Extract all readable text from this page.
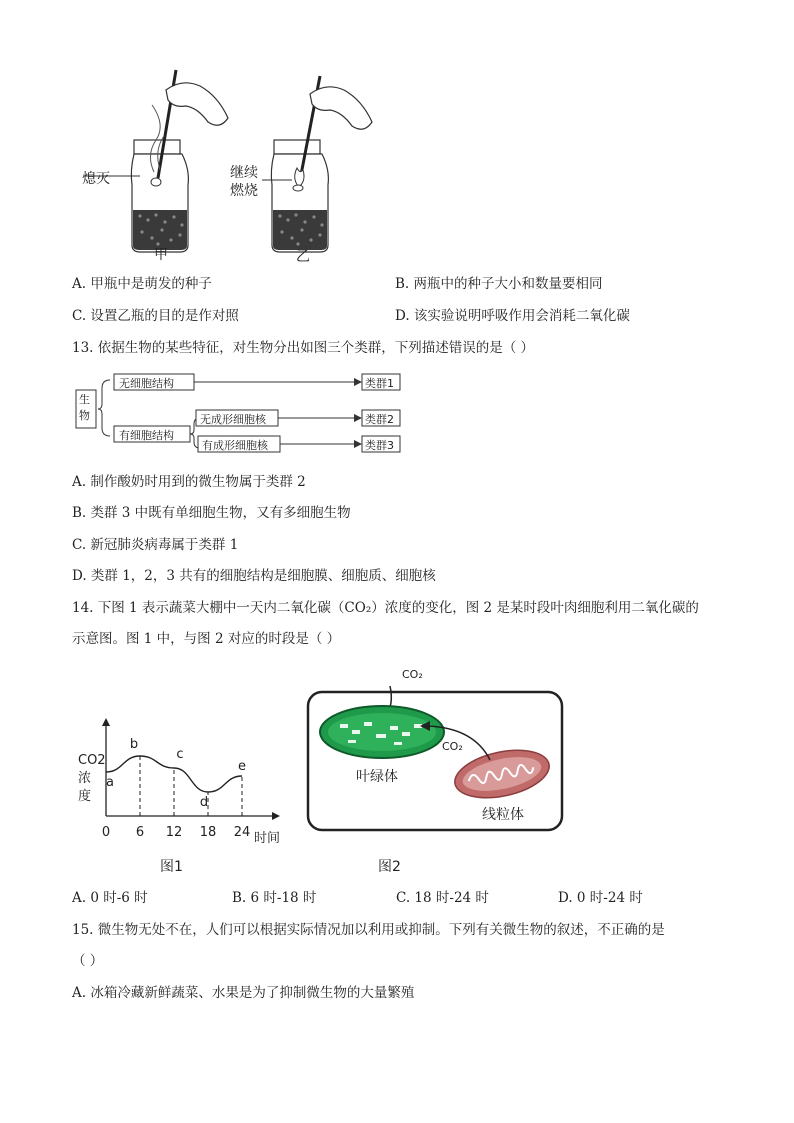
熄灭	继续
燃烧
甲	乙
A. 甲瓶中是萌发的种子	B. 两瓶中的种子大小和数量要相同
C. 设置乙瓶的目的是作对照	D. 该实验说明呼吸作用会消耗二氧化碳
13. 依据生物的某些特征，对生物分出如图三个类群，下列描述错误的是（ ）
生物
无细胞结构
有细胞结构
无成形细胞核
有成形细胞核
类群1
类群2
类群3
A. 制作酸奶时用到的微生物属于类群 2
B. 类群 3 中既有单细胞生物，又有多细胞生物
C. 新冠肺炎病毒属于类群 1
D. 类群 1，2，3 共有的细胞结构是细胞膜、细胞质、细胞核
14. 下图 1 表示蔬菜大棚中一天内二氧化碳（CO₂）浓度的变化，图 2 是某时段叶肉细胞利用二氧化碳的
示意图。图 1 中，与图 2 对应的时段是（ ）
CO2
浓
度
时间
0 6 12 18 24
a
b
c
d
e
图1
CO₂
CO₂
叶绿体
线粒体
图2
A. 0 时-6 时	B. 6 时-18 时	C. 18 时-24 时	D. 0 时-24 时
15. 微生物无处不在，人们可以根据实际情况加以利用或抑制。下列有关微生物的叙述，不正确的是
（ ）
A. 冰箱冷藏新鲜蔬菜、水果是为了抑制微生物的大量繁殖
